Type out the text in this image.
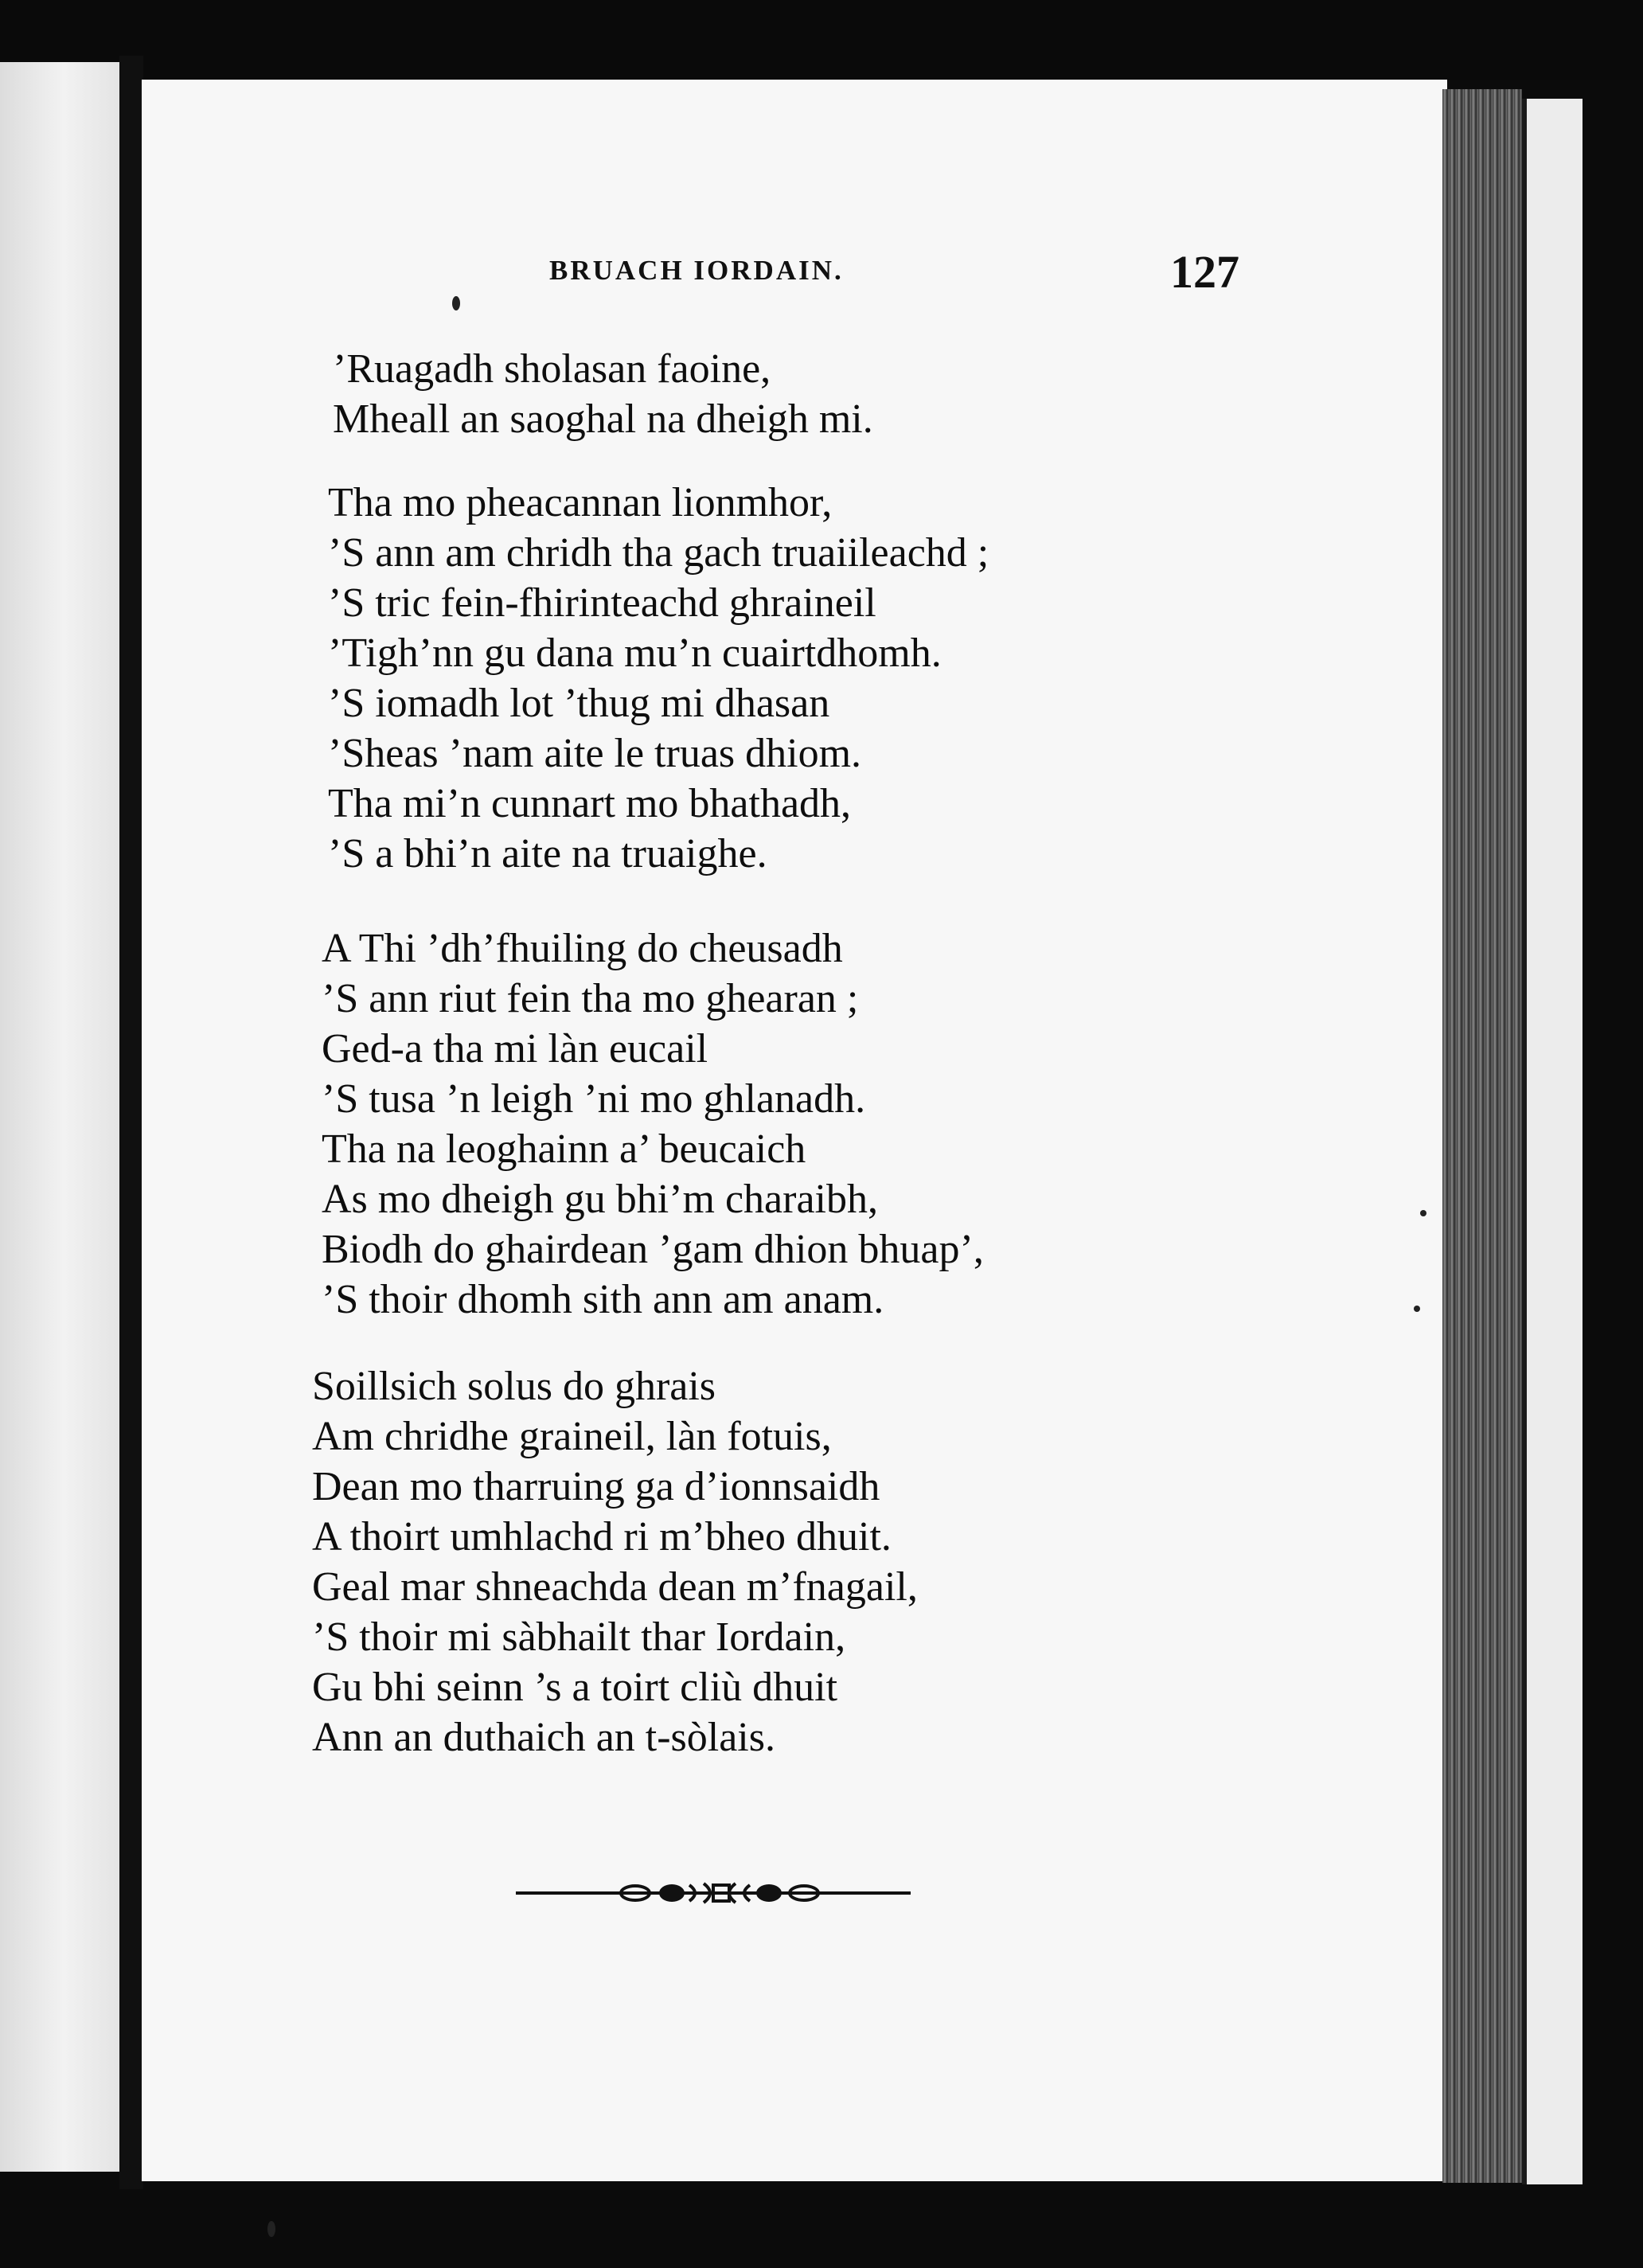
BRUACH IORDAIN.	127
’Ruagadh sholasan faoine,
Mheall an saoghal na dheigh mi.
Tha mo pheacannan lionmhor,
’S ann am chridh tha gach truaiileachd ;
’S tric fein-fhirinteachd ghraineil
’Tigh’nn gu dana mu’n cuairtdhomh.
’S iomadh lot ’thug mi dhasan
’Sheas ’nam aite le truas dhiom.
Tha mi’n cunnart mo bhathadh,
’S a bhi’n aite na truaighe.
A Thi ’dh’fhuiling do cheusadh
’S ann riut fein tha mo ghearan ;
Ged-a tha mi làn eucail
’S tusa ’n leigh ’ni mo ghlanadh.
Tha na leoghainn a’ beucaich
As mo dheigh gu bhi’m charaibh,
Biodh do ghairdean ’gam dhion bhuap’,
’S thoir dhomh sith ann am anam.
Soillsich solus do ghrais
Am chridhe graineil, làn fotuis,
Dean mo tharruing ga d’ionnsaidh
A thoirt umhlachd ri m’bheo dhuit.
Geal mar shneachda dean m’fnagail,
’S thoir mi sàbhailt thar Iordain,
Gu bhi seinn ’s a toirt cliù dhuit
Ann an duthaich an t-sòlais.
